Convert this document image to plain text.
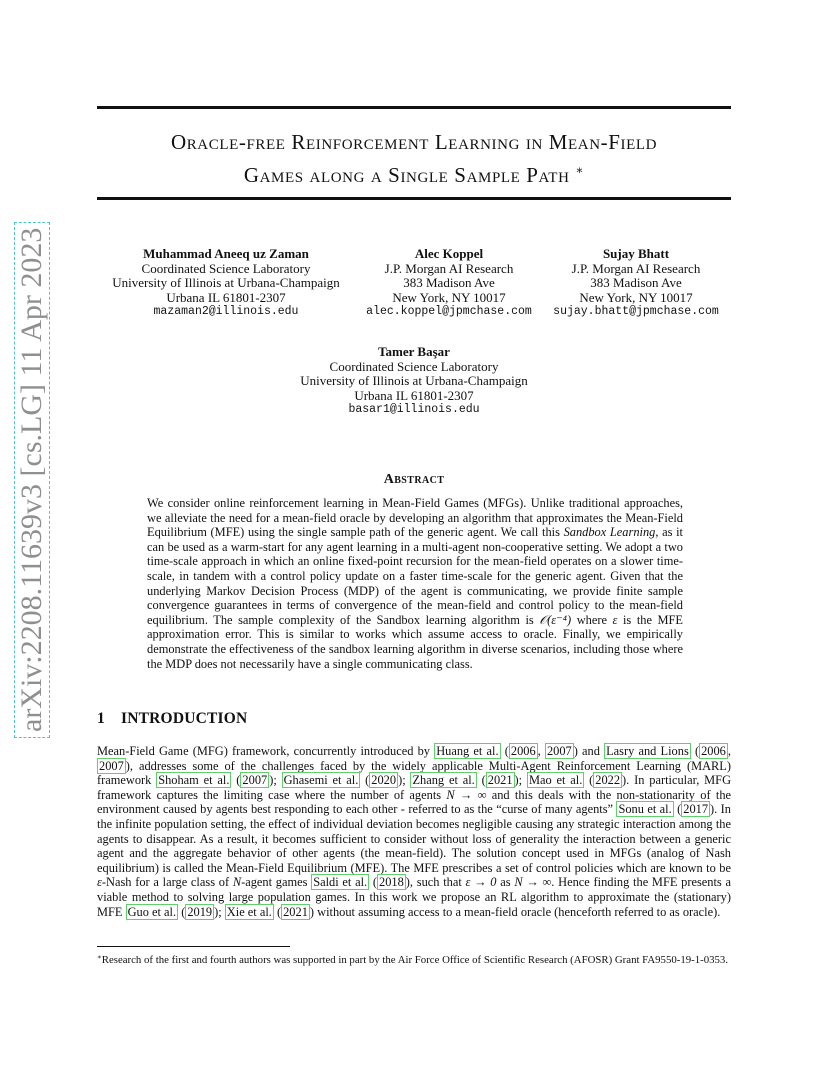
Oracle-free Reinforcement Learning in Mean-Field
Games along a Single Sample Path ∗
arXiv:2208.11639v3 [cs.LG] 11 Apr 2023	Muhammad Aneeq uz Zaman
Coordinated Science Laboratory
University of Illinois at Urbana-Champaign
Urbana IL 61801-2307
mazaman2@illinois.edu
Alec Koppel
J.P. Morgan AI Research
383 Madison Ave
New York, NY 10017
alec.koppel@jpmchase.com
Sujay Bhatt
J.P. Morgan AI Research
383 Madison Ave
New York, NY 10017
sujay.bhatt@jpmchase.com
Tamer Başar
Coordinated Science Laboratory
University of Illinois at Urbana-Champaign
Urbana IL 61801-2307
basar1@illinois.edu
Abstract
We consider online reinforcement learning in Mean-Field Games (MFGs). Unlike traditional approaches, we alleviate the need for a mean-field oracle by developing an algorithm that approximates the Mean-Field Equilibrium (MFE) using the single sample path of the generic agent. We call this Sandbox Learning, as it can be used as a warm-start for any agent learning in a multi-agent non-cooperative setting. We adopt a two time-scale approach in which an online fixed-point recursion for the mean-field operates on a slower time-scale, in tandem with a control policy update on a faster time-scale for the generic agent. Given that the underlying Markov Decision Process (MDP) of the agent is communicating, we provide finite sample convergence guarantees in terms of convergence of the mean-field and control policy to the mean-field equilibrium. The sample complexity of the Sandbox learning algorithm is 𝒪(ε⁻⁴) where ε is the MFE approximation error. This is similar to works which assume access to oracle. Finally, we empirically demonstrate the effectiveness of the sandbox learning algorithm in diverse scenarios, including those where the MDP does not necessarily have a single communicating class.
1 INTRODUCTION
Mean-Field Game (MFG) framework, concurrently introduced by Huang et al. ( 2006 , 2007 ) and Lasry and Lions ( 2006 , 2007 ), addresses some of the challenges faced by the widely applicable Multi-Agent Reinforcement Learning (MARL) framework Shoham et al. ( 2007 ); Ghasemi et al. ( 2020 ); Zhang et al. ( 2021 ); Mao et al. ( 2022 ). In particular, MFG framework captures the limiting case where the number of agents N → ∞ and this deals with the non-stationarity of the environment caused by agents best responding to each other - referred to as the “curse of many agents” Sonu et al. ( 2017 ). In the infinite population setting, the effect of individual deviation becomes negligible causing any strategic interaction among the agents to disappear. As a result, it becomes sufficient to consider without loss of generality the interaction between a generic agent and the aggregate behavior of other agents (the mean-field). The solution concept used in MFGs (analog of Nash equilibrium) is called the Mean-Field Equilibrium (MFE). The MFE prescribes a set of control policies which are known to be ε-Nash for a large class of N-agent games Saldi et al. ( 2018 ), such that ε → 0 as N → ∞. Hence finding the MFE presents a viable method to solving large population games. In this work we propose an RL algorithm to approximate the (stationary) MFE Guo et al. ( 2019 ); Xie et al. ( 2021 ) without assuming access to a mean-field oracle (henceforth referred to as oracle).
∗Research of the first and fourth authors was supported in part by the Air Force Office of Scientific Research (AFOSR) Grant FA9550-19-1-0353.
